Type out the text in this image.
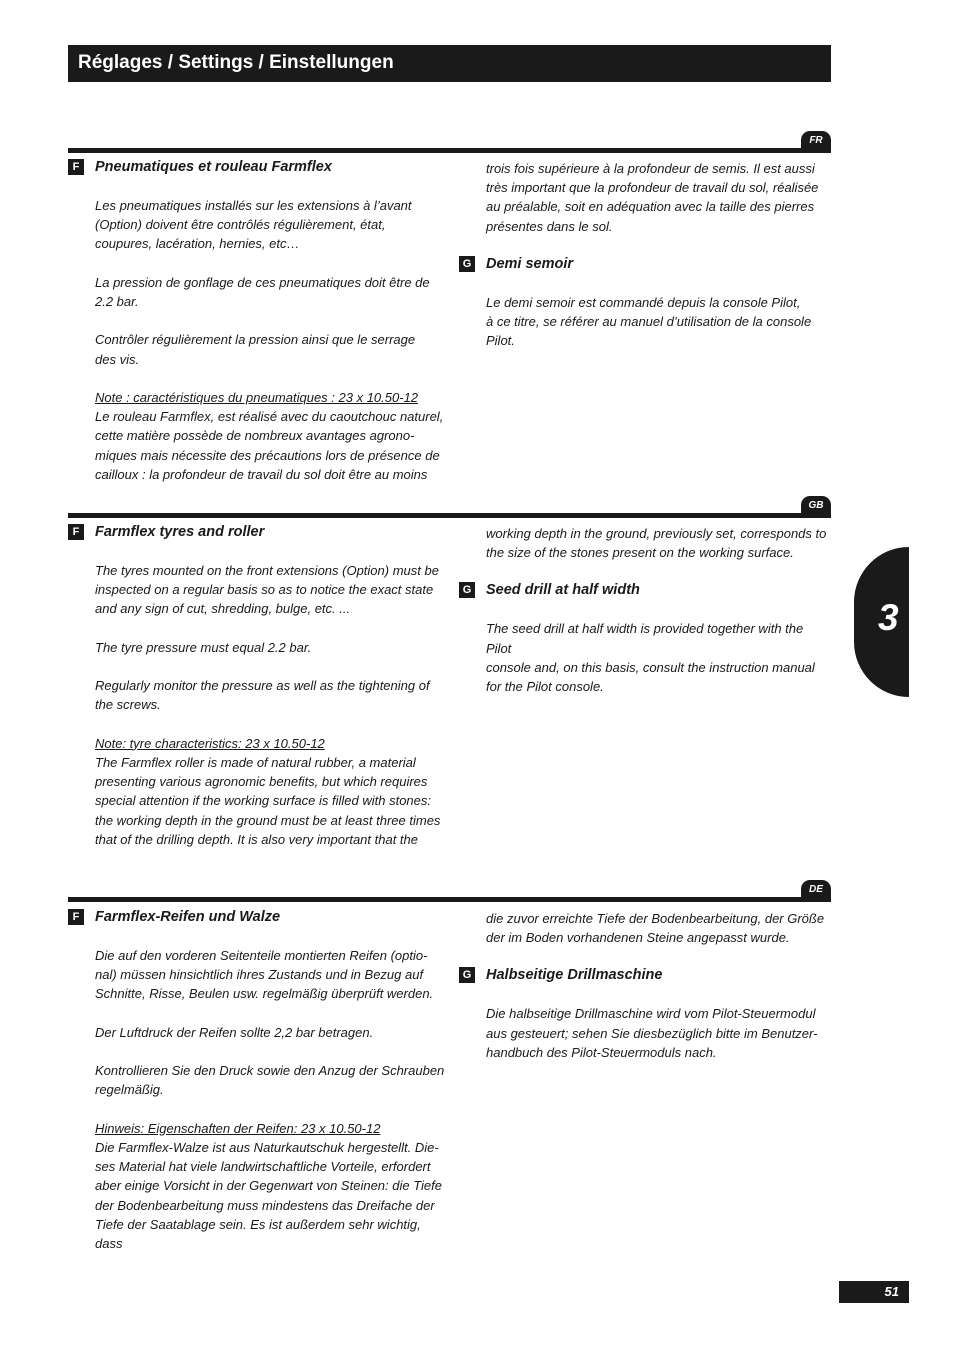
Réglages / Settings / Einstellungen
FR
F	Pneumatiques et rouleau Farmflex

Les pneumatiques installés sur les extensions à l’avant
(Option) doivent être contrôlés régulièrement, état,
coupures, lacération, hernies, etc…

La pression de gonflage de ces pneumatiques doit être de
2.2 bar.

Contrôler régulièrement la pression ainsi que le serrage
des vis.

Note : caractéristiques du pneumatiques : 23 x 10.50-12
Le rouleau Farmflex, est réalisé avec du caoutchouc naturel,
cette matière possède de nombreux avantages agrono-
miques mais nécessite des précautions lors de présence de
cailloux : la profondeur de travail du sol doit être au moins

trois fois supérieure à la profondeur de semis. Il est aussi
très important que la profondeur de travail du sol, réalisée
au préalable, soit en adéquation avec la taille des pierres
présentes dans le sol.

G Demi semoir

Le demi semoir est commandé depuis la console Pilot,
à ce titre, se référer au manuel d’utilisation de la console
Pilot.

GB
F	Farmflex tyres and roller

The tyres mounted on the front extensions (Option) must be
inspected on a regular basis so as to notice the exact state
and any sign of cut, shredding, bulge, etc. ...

The tyre pressure must equal 2.2 bar.

Regularly monitor the pressure as well as the tightening of
the screws.

Note: tyre characteristics: 23 x 10.50-12
The Farmflex roller is made of natural rubber, a material
presenting various agronomic benefits, but which requires
special attention if the working surface is filled with stones:
the working depth in the ground must be at least three times
that of the drilling depth. It is also very important that the

working depth in the ground, previously set, corresponds to
the size of the stones present on the working surface.

G Seed drill at half width

The seed drill at half width is provided together with the Pilot
console and, on this basis, consult the instruction manual
for the Pilot console.

DE
F	Farmflex-Reifen und Walze

Die auf den vorderen Seitenteile montierten Reifen (optio-
nal) müssen hinsichtlich ihres Zustands und in Bezug auf
Schnitte, Risse, Beulen usw. regelmäßig überprüft werden.

Der Luftdruck der Reifen sollte 2,2 bar betragen.

Kontrollieren Sie den Druck sowie den Anzug der Schrauben
regelmäßig.

Hinweis: Eigenschaften der Reifen: 23 x 10.50-12
Die Farmflex-Walze ist aus Naturkautschuk hergestellt. Die-
ses Material hat viele landwirtschaftliche Vorteile, erfordert
aber einige Vorsicht in der Gegenwart von Steinen: die Tiefe
der Bodenbearbeitung muss mindestens das Dreifache der
Tiefe der Saatablage sein. Es ist außerdem sehr wichtig, dass

die zuvor erreichte Tiefe der Bodenbearbeitung, der Größe
der im Boden vorhandenen Steine angepasst wurde.

G Halbseitige Drillmaschine

Die halbseitige Drillmaschine wird vom Pilot-Steuermodul
aus gesteuert; sehen Sie diesbezüglich bitte im Benutzer-
handbuch des Pilot-Steuermoduls nach.

3
51
